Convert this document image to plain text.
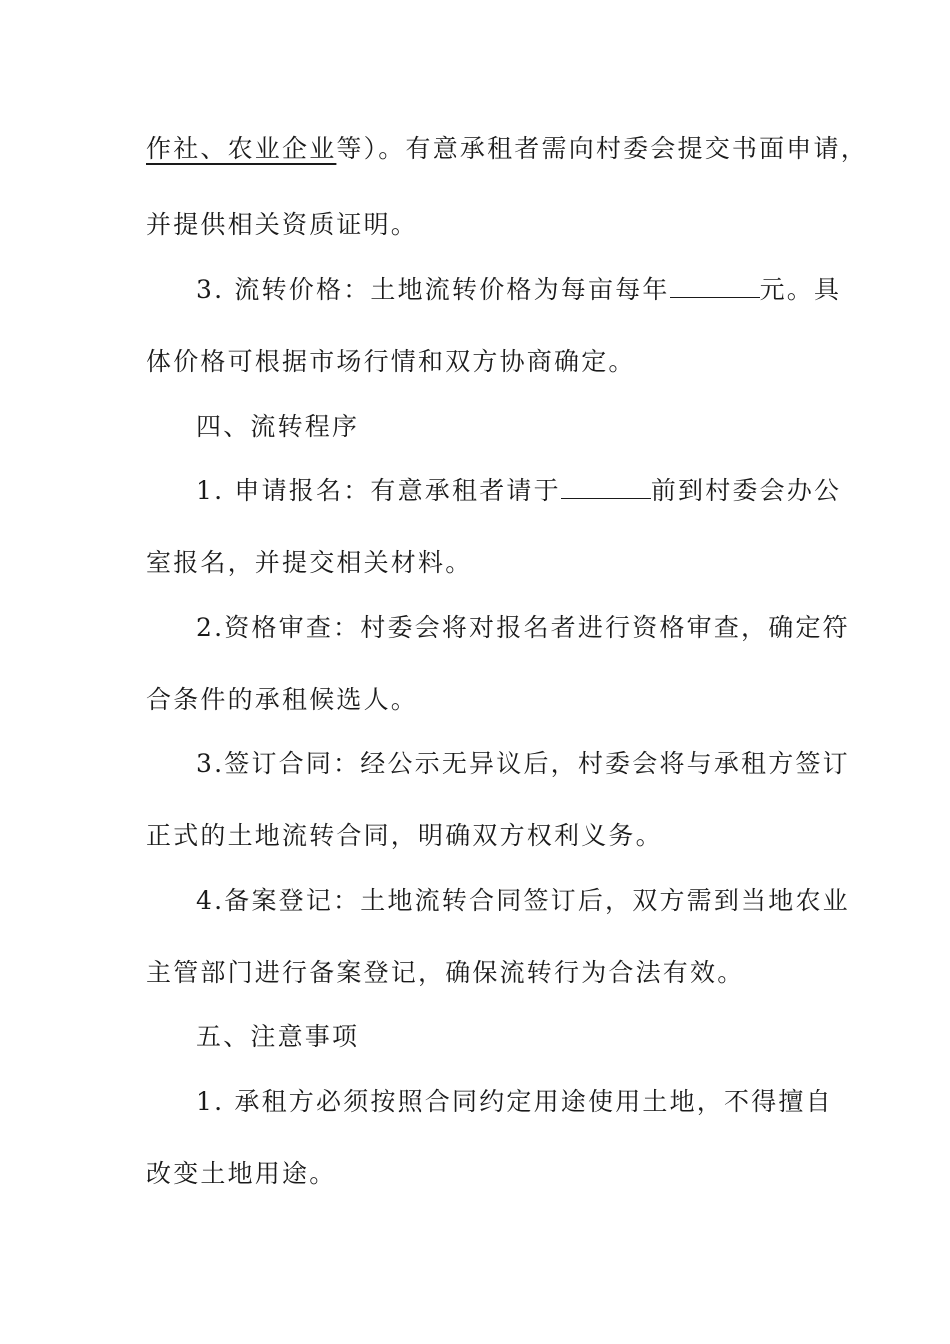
作社、农业企业等）。有意承租者需向村委会提交书面申请，
并提供相关资质证明。
3. 流转价格：土地流转价格为每亩每年	元。具
体价格可根据市场行情和双方协商确定。
四、流转程序
1. 申请报名：有意承租者请于	前到村委会办公
室报名，并提交相关材料。
2.资格审查：村委会将对报名者进行资格审查，确定符
合条件的承租候选人。
3.签订合同：经公示无异议后，村委会将与承租方签订
正式的土地流转合同，明确双方权利义务。
4.备案登记：土地流转合同签订后，双方需到当地农业
主管部门进行备案登记，确保流转行为合法有效。
五、注意事项
1. 承租方必须按照合同约定用途使用土地，不得擅自
改变土地用途。
